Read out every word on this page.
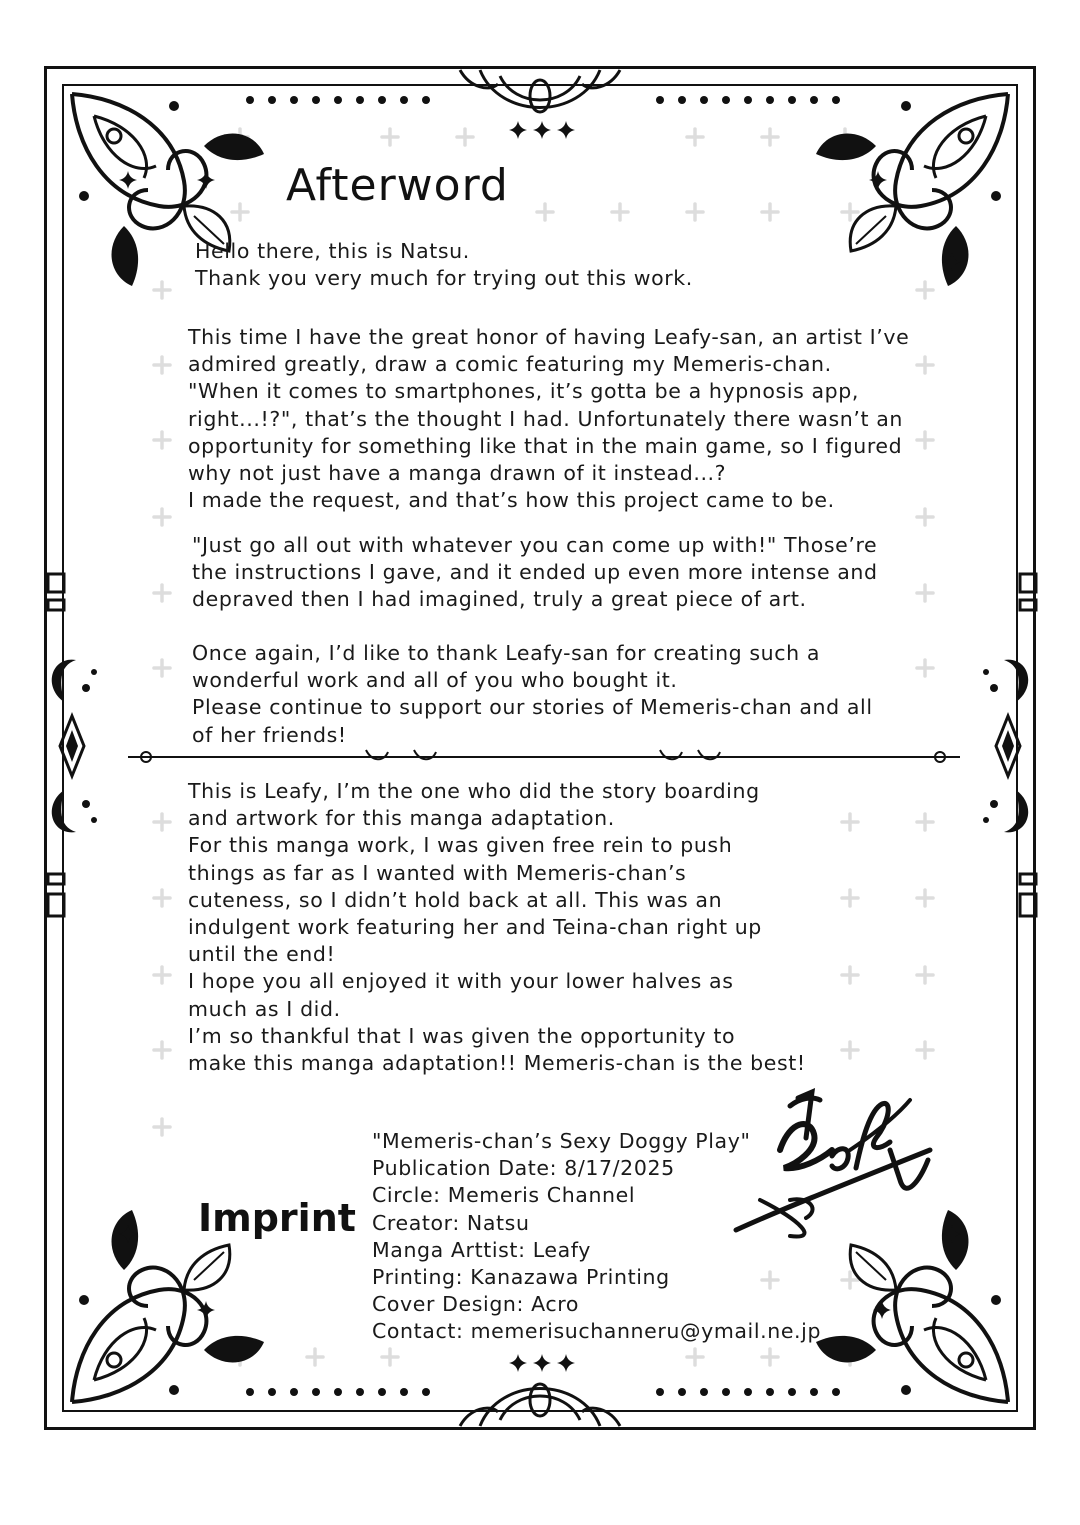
Afterword
Hello there, this is Natsu.
Thank you very much for trying out this work.
This time I have the great honor of having Leafy-san, an artist I’ve
admired greatly, draw a comic featuring my Memeris-chan.
"When it comes to smartphones, it’s gotta be a hypnosis app,
right...!?", that’s the thought I had. Unfortunately there wasn’t an
opportunity for something like that in the main game, so I figured
why not just have a manga drawn of it instead...?
I made the request, and that’s how this project came to be.
"Just go all out with whatever you can come up with!" Those’re
the instructions I gave, and it ended up even more intense and
depraved then I had imagined, truly a great piece of art.
Once again, I’d like to thank Leafy-san for creating such a
wonderful work and all of you who bought it.
Please continue to support our stories of Memeris-chan and all
of her friends!
This is Leafy, I’m the one who did the story boarding
and artwork for this manga adaptation.
For this manga work, I was given free rein to push
things as far as I wanted with Memeris-chan’s
cuteness, so I didn’t hold back at all. This was an
indulgent work featuring her and Teina-chan right up
until the end!
I hope you all enjoyed it with your lower halves as
much as I did.
I’m so thankful that I was given the opportunity to
make this manga adaptation!! Memeris-chan is the best!
Imprint
"Memeris-chan’s Sexy Doggy Play"
Publication Date: 8/17/2025
Circle: Memeris Channel
Creator: Natsu
Manga Arttist: Leafy
Printing: Kanazawa Printing
Cover Design: Acro
Contact: memerisuchanneru@ymail.ne.jp
